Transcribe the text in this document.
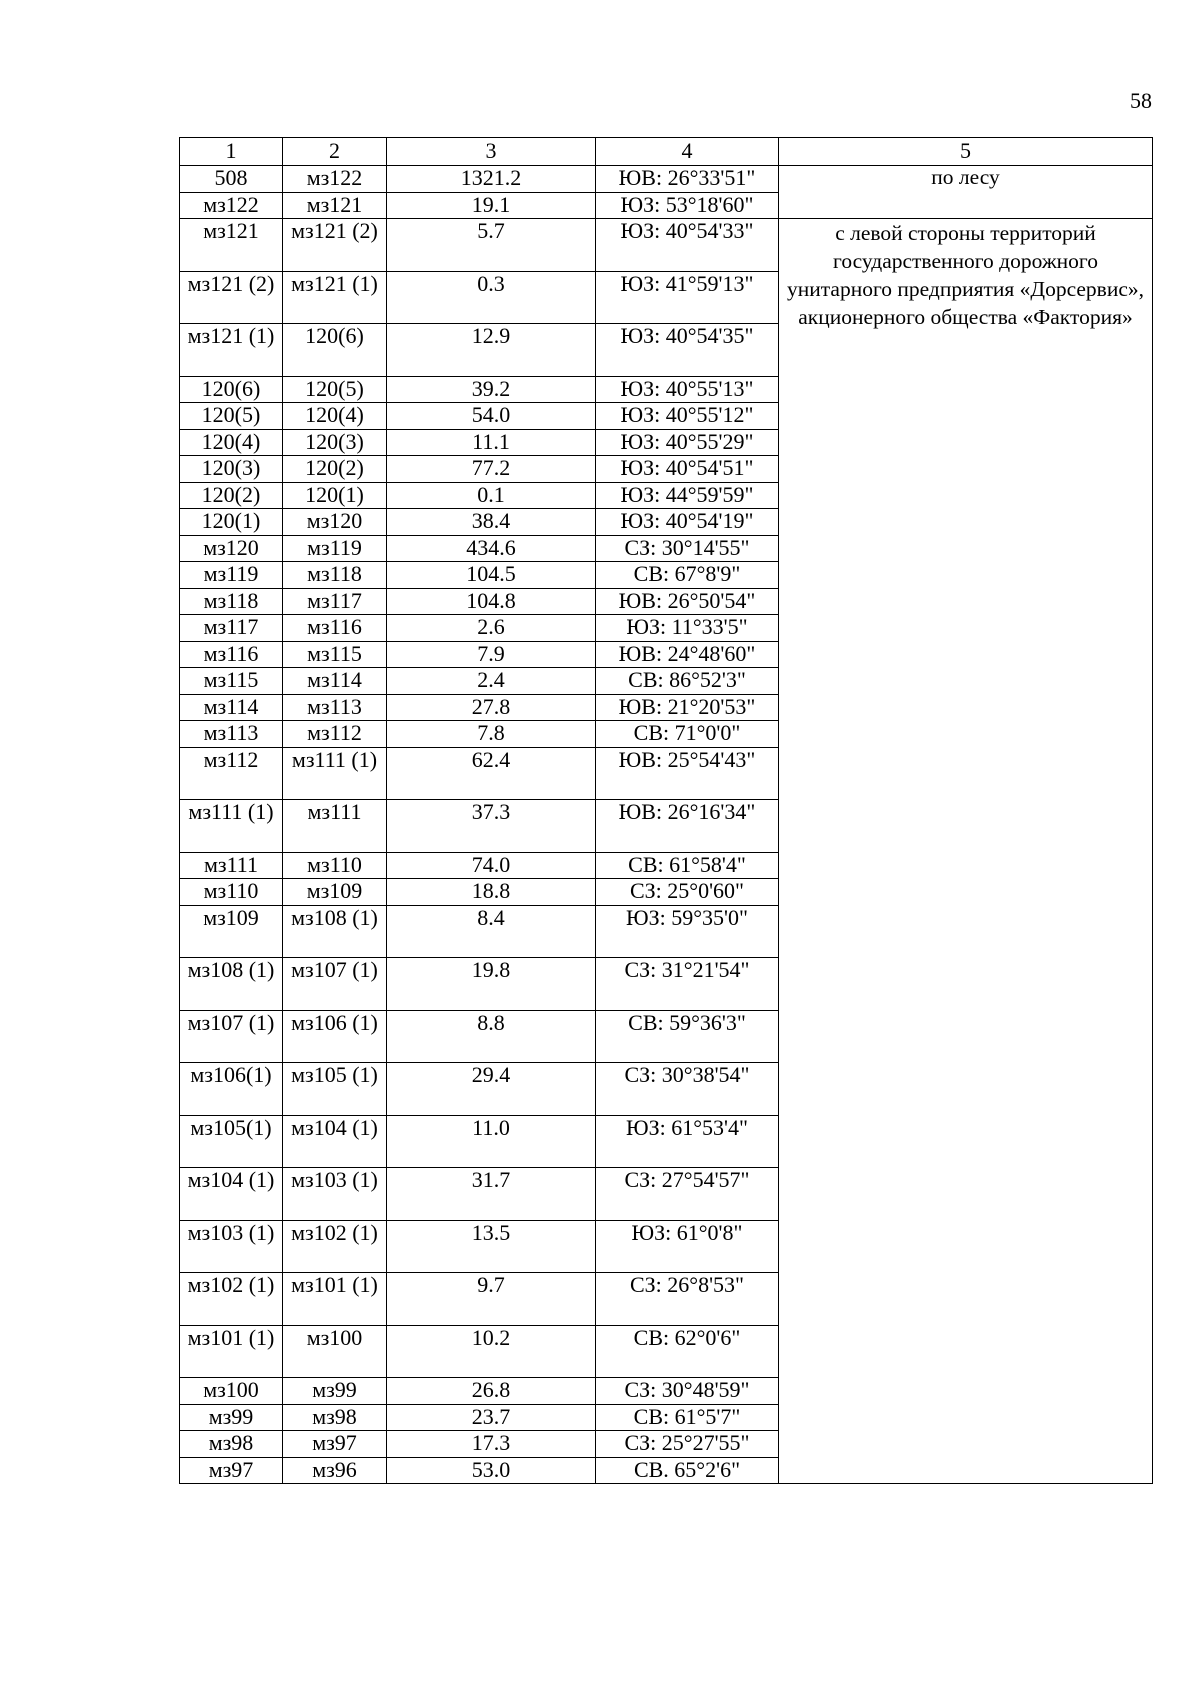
58
1	2	3	4	5
508	мз122	1321.2	ЮВ: 26°33'51"	по лесу
мз122	мз121	19.1	ЮЗ: 53°18'60"	
мз121	мз121 (2)	5.7	ЮЗ: 40°54'33"	с левой стороны территорий государственного дорожного унитарного предприятия «Дорсервис», акционерного общества «Фактория»
мз121 (2)	мз121 (1)	0.3	ЮЗ: 41°59'13"	
мз121 (1)	120(6)	12.9	ЮЗ: 40°54'35"	
120(6)	120(5)	39.2	ЮЗ: 40°55'13"	
120(5)	120(4)	54.0	ЮЗ: 40°55'12"	
120(4)	120(3)	11.1	ЮЗ: 40°55'29"	
120(3)	120(2)	77.2	ЮЗ: 40°54'51"	
120(2)	120(1)	0.1	ЮЗ: 44°59'59"	
120(1)	мз120	38.4	ЮЗ: 40°54'19"	
мз120	мз119	434.6	СЗ: 30°14'55"	
мз119	мз118	104.5	СВ: 67°8'9"	
мз118	мз117	104.8	ЮВ: 26°50'54"	
мз117	мз116	2.6	ЮЗ: 11°33'5"	
мз116	мз115	7.9	ЮВ: 24°48'60"	
мз115	мз114	2.4	СВ: 86°52'3"	
мз114	мз113	27.8	ЮВ: 21°20'53"	
мз113	мз112	7.8	СВ: 71°0'0"	
мз112	мз111 (1)	62.4	ЮВ: 25°54'43"	
мз111 (1)	мз111	37.3	ЮВ: 26°16'34"	
мз111	мз110	74.0	СВ: 61°58'4"	
мз110	мз109	18.8	СЗ: 25°0'60"	
мз109	мз108 (1)	8.4	ЮЗ: 59°35'0"	
мз108 (1)	мз107 (1)	19.8	СЗ: 31°21'54"	
мз107 (1)	мз106 (1)	8.8	СВ: 59°36'3"	
мз106(1)	мз105 (1)	29.4	СЗ: 30°38'54"	
мз105(1)	мз104 (1)	11.0	ЮЗ: 61°53'4"	
мз104 (1)	мз103 (1)	31.7	СЗ: 27°54'57"	
мз103 (1)	мз102 (1)	13.5	ЮЗ: 61°0'8"	
мз102 (1)	мз101 (1)	9.7	СЗ: 26°8'53"	
мз101 (1)	мз100	10.2	СВ: 62°0'6"	
мз100	мз99	26.8	СЗ: 30°48'59"	
мз99	мз98	23.7	СВ: 61°5'7"	
мз98	мз97	17.3	СЗ: 25°27'55"	
мз97	мз96	53.0	СВ. 65°2'6"	
